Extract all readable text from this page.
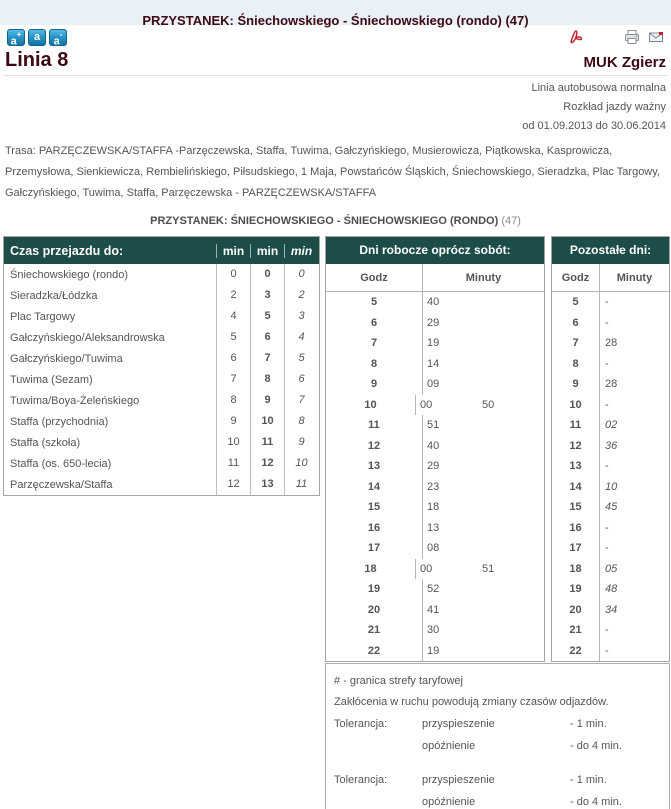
PRZYSTANEK: Śniechowskiego - Śniechowskiego (rondo) (47)
a+	a	a-
Linia 8	MUK Zgierz
Linia autobusowa normalna
Rozkład jazdy ważny
od 01.09.2013 do 30.06.2014
Trasa: PARZĘCZEWSKA/STAFFA -Parzęczewska, Staffa, Tuwima, Gałczyńskiego, Musierowicza, Piątkowska, Kasprowicza, Przemysłowa, Sienkiewicza, Rembielińskiego, Piłsudskiego, 1 Maja, Powstańców Śląskich, Śniechowskiego, Sieradzka, Plac Targowy, Gałczyńskiego, Tuwima, Staffa, Parzęczewska - PARZĘCZEWSKA/STAFFA
PRZYSTANEK: ŚNIECHOWSKIEGO - ŚNIECHOWSKIEGO (RONDO) (47)
Czas przejazdu do:	min	min	min
Śniechowskiego (rondo)	0	0	0
Sieradzka/Łódzka	2	3	2
Plac Targowy	4	5	3
Gałczyńskiego/Aleksandrowska	5	6	4
Gałczyńskiego/Tuwima	6	7	5
Tuwima (Sezam)	7	8	6
Tuwima/Boya-Żeleńskiego	8	9	7
Staffa (przychodnia)	9	10	8
Staffa (szkoła)	10	11	9
Staffa (os. 650-lecia)	11	12	10
Parzęczewska/Staffa	12	13	11
Dni robocze oprócz sobót:
Godz	Minuty
5	40
6	29
7	19
8	14
9	09
10	00	50
11	51
12	40
13	29
14	23
15	18
16	13
17	08
18	00	51
19	52
20	41
21	30
22	19
Pozostałe dni:
Godz	Minuty
5	-
6	-
7	28
8	-
9	28
10	-
11	02
12	36
13	-
14	10
15	45
16	-
17	-
18	05
19	48
20	34
21	-
22	-

# - granica strefy taryfowej

Zakłócenia w ruchu powodują zmiany czasów odjazdów.

Tolerancja:	przyspieszenie	- 1 min.
opóźnienie	- do 4 min.
Tolerancja:	przyspieszenie	- 1 min.
opóźnienie	- do 4 min.
